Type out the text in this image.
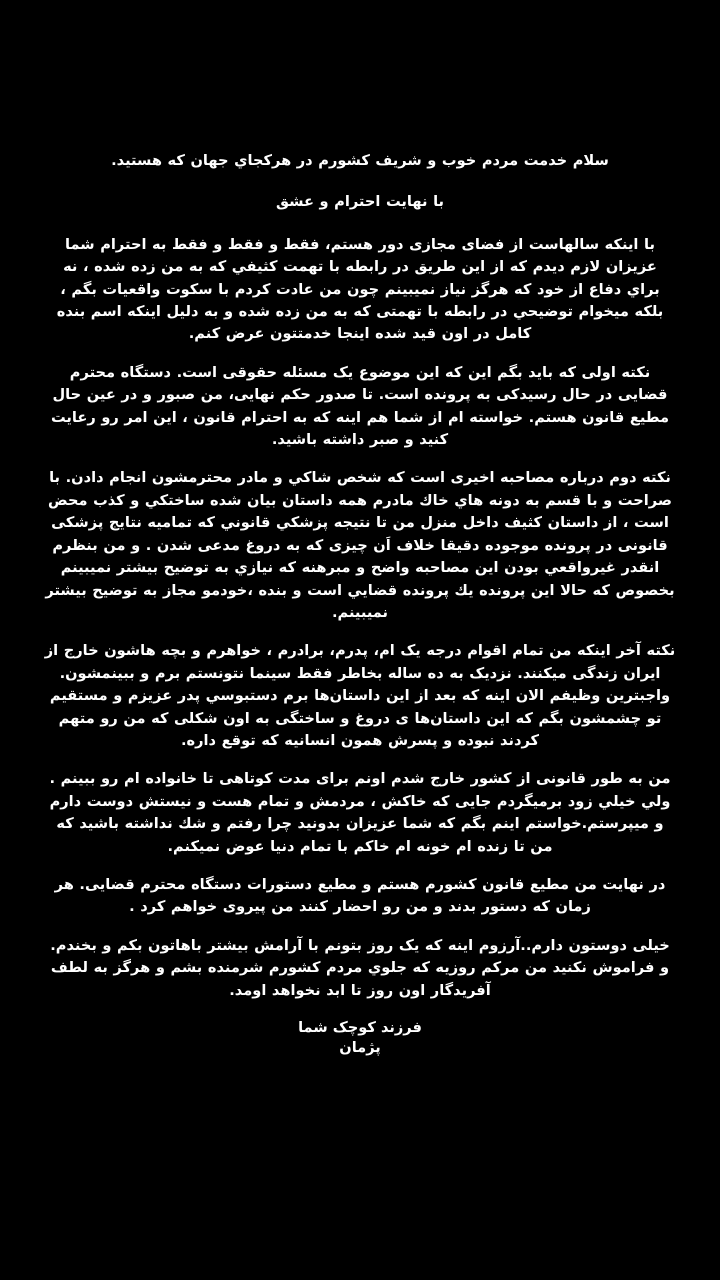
سلام خدمت مردم خوب و شریف کشورم در هرکجاي جهان که هستید.

با نهایت احترام و عشق

با اینکه سالهاست از فضای مجازی دور هستم، فقط و فقط و فقط به احترام شما عزیزان لازم دیدم که از این طریق در رابطه با تهمت کثیفي که به من زده شده ، نه براي دفاع از خود که هرگز نیاز نمیبینم چون من عادت کردم با سکوت واقعیات بگم ، بلکه میخوام توضیحي در رابطه با تهمتی که به من زده شده و به دلیل اینکه اسم بنده کامل در اون قید شده اینجا خدمتتون عرض کنم.

نکته اولی که باید بگم این که این موضوع یک مسئله حقوقی است. دستگاه محترم قضایی در حال رسیدکی به پرونده است. تا صدور حکم نهایی، من صبور و در عین حال مطیع قانون هستم. خواسته ام از شما هم اینه که به احترام قانون ، این امر رو رعایت کنید و صبر داشته باشید.

نکته دوم درباره مصاحبه اخیری است که شخص شاكي و مادر محترمشون انجام دادن. با صراحت و با قسم به دونه هاي خاك مادرم همه داستان بیان شده ساختكي و كذب محض است ، از داستان كثیف داخل منزل من تا نتیجه پزشكي قانوني كه تمامیه نتایج پزشكی قانونی در پرونده موجوده دقیقا خلاف اَن چیزی که به دروغ مدعی شدن . و من بنظرم انقدر غیرواقعي بودن این مصاحبه واضح و مبرهنه که نیازي به توضیح بیشتر نمیبینم بخصوص که حالا این پرونده یك پرونده قضایي است و بنده ،خودمو مجاز به توضیح بیشتر نمیبینم.

نکته آخر اینکه من تمام اقوام درجه یک ام، پدرم، برادرم ، خواهرم و بچه هاشون خارج از ایران زندگی میکنند. نزدیک به ده ساله بخاطر فقط سینما نتونستم برم و ببینمشون. واجبترین وظیفم الان اینه که بعد از این داستان‌ها برم دستبوسي پدر عزیزم و مستقیم تو چشمشون بگم که این داستان‌ها ی دروغ و ساختگی به اون شکلی که من رو متهم کردند نبوده و پسرش همون انسانیه که توقع داره.

من به طور قانونی از کشور خارج شدم اونم برای مدت کوتاهی تا خانواده ام رو ببینم . ولي خیلي زود برمیگردم جایی که خاکش ، مردمش و تمام هست و نیستش دوست دارم و میپرستم.خواستم اینم بگم که شما عزیزان بدونید چرا رفتم و شك نداشته باشید که من تا زنده ام خونه ام خاکم با تمام دنیا عوض نمیکنم.

در نهایت من مطیع قانون کشورم هستم و مطیع دستورات دستگاه محترم قضایی. هر زمان که دستور بدند و من رو احضار کنند من پیروی خواهم کرد .

خیلی دوستون دارم..آرزوم اینه که یک روز بتونم با آرامش بیشتر باهاتون بکم و بخندم.

و فراموش نکنید من مرکم روزیه که جلوي مردم کشورم شرمنده بشم و هرگز به لطف آفریدگار اون روز تا ابد نخواهد اومد.

فرزند کوچک شما

پژمان
